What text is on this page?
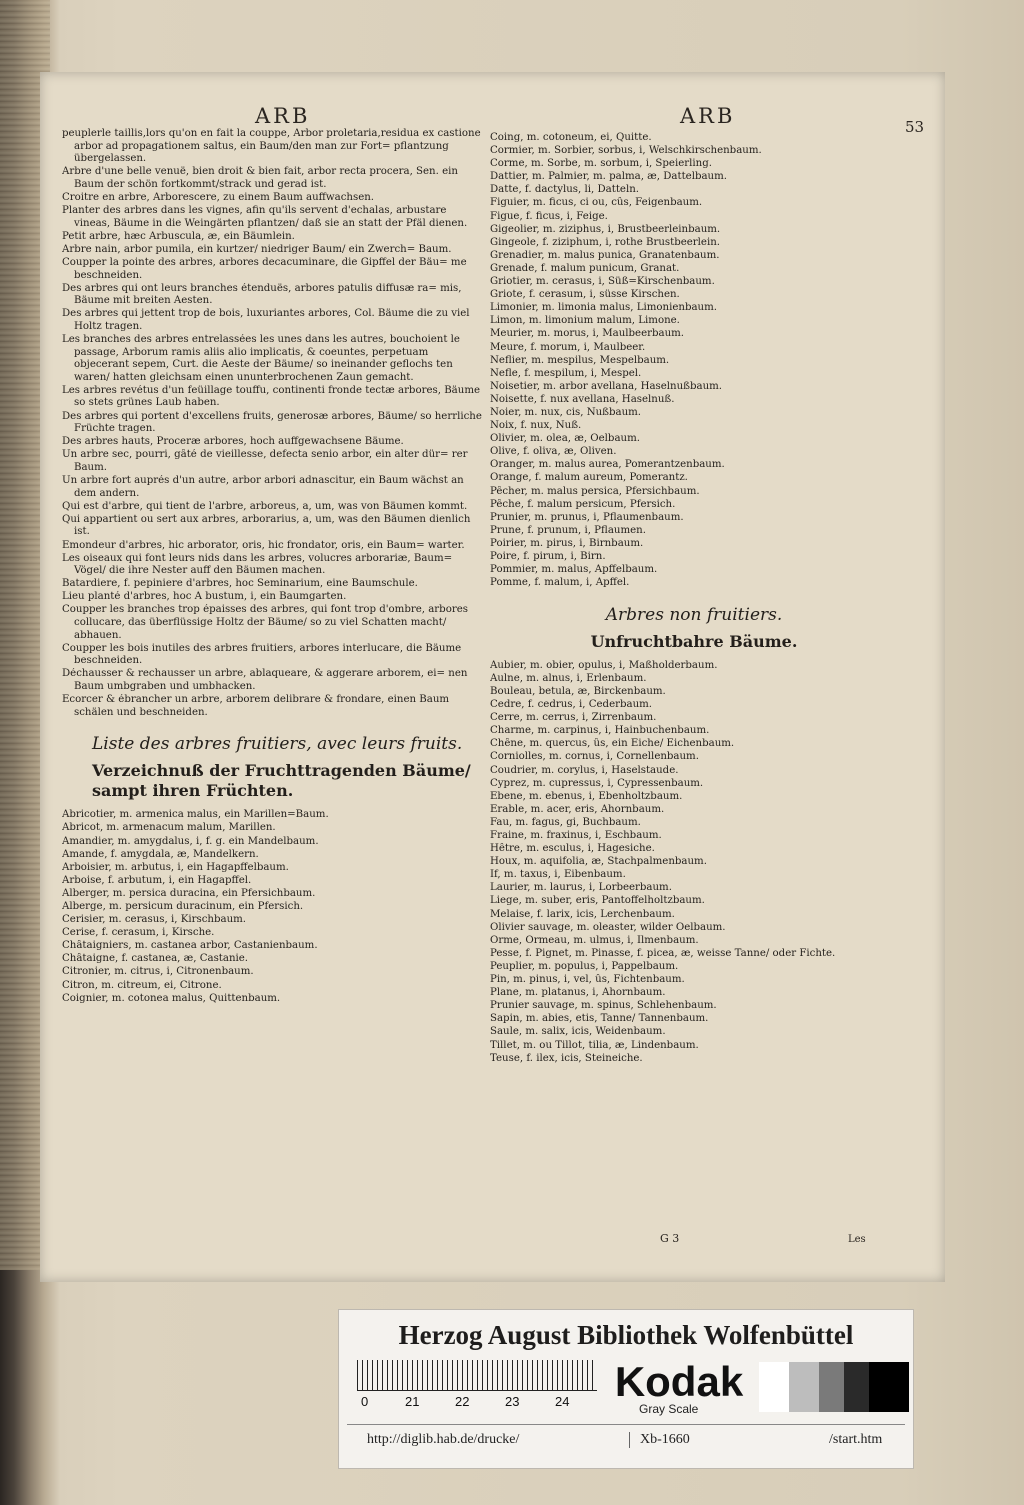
ARB	ARB	53
peuplerle taillis,lors qu'on en fait la couppe, Arbor proletaria,residua ex castione arbor ad propagationem saltus, ein Baum/den man zur Fort= pflantzung übergelassen.
Arbre d'une belle venuë, bien droit & bien fait, arbor recta procera, Sen. ein Baum der schön fortkommt/strack und gerad ist.
Croitre en arbre, Arborescere, zu einem Baum auffwachsen.
Planter des arbres dans les vignes, afin qu'ils servent d'echalas, arbustare vineas, Bäume in die Weingärten pflantzen/ daß sie an statt der Pfäl dienen.
Petit arbre, hæc Arbuscula, æ, ein Bäumlein.
Arbre nain, arbor pumila, ein kurtzer/ niedriger Baum/ ein Zwerch= Baum.
Coupper la pointe des arbres, arbores decacuminare, die Gipffel der Bäu= me beschneiden.
Des arbres qui ont leurs branches étenduës, arbores patulis diffusæ ra= mis, Bäume mit breiten Aesten.
Des arbres qui jettent trop de bois, luxuriantes arbores, Col. Bäume die zu viel Holtz tragen.
Les branches des arbres entrelassées les unes dans les autres, bouchoient le passage, Arborum ramis aliis alio implicatis, & coeuntes, perpetuam objecerant sepem, Curt. die Aeste der Bäume/ so ineinander geflochs ten waren/ hatten gleichsam einen ununterbrochenen Zaun gemacht.
Les arbres revétus d'un feüillage touffu, continenti fronde tectæ arbores, Bäume so stets grünes Laub haben.
Des arbres qui portent d'excellens fruits, generosæ arbores, Bäume/ so herrliche Früchte tragen.
Des arbres hauts, Proceræ arbores, hoch auffgewachsene Bäume.
Un arbre sec, pourri, gâté de vieillesse, defecta senio arbor, ein alter dür= rer Baum.
Un arbre fort auprés d'un autre, arbor arbori adnascitur, ein Baum wächst an dem andern.
Qui est d'arbre, qui tient de l'arbre, arboreus, a, um, was von Bäumen kommt.
Qui appartient ou sert aux arbres, arborarius, a, um, was den Bäumen dienlich ist.
Emondeur d'arbres, hic arborator, oris, hic frondator, oris, ein Baum= warter.
Les oiseaux qui font leurs nids dans les arbres, volucres arborariæ, Baum= Vögel/ die ihre Nester auff den Bäumen machen.
Batardiere, f. pepiniere d'arbres, hoc Seminarium, eine Baumschule.
Lieu planté d'arbres, hoc A bustum, i, ein Baumgarten.
Coupper les branches trop épaisses des arbres, qui font trop d'ombre, arbores collucare, das überflüssige Holtz der Bäume/ so zu viel Schatten macht/ abhauen.
Coupper les bois inutiles des arbres fruitiers, arbores interlucare, die Bäume beschneiden.
Déchausser & rechausser un arbre, ablaqueare, & aggerare arborem, ei= nen Baum umbgraben und umbhacken.
Ecorcer & ébrancher un arbre, arborem delibrare & frondare, einen Baum schälen und beschneiden.
Liste des arbres fruitiers, avec leurs fruits.
Verzeichnuß der Fruchttragenden Bäume/ sampt ihren Früchten.
Abricotier, m. armenica malus, ein Marillen=Baum.
Abricot, m. armenacum malum, Marillen.
Amandier, m. amygdalus, i, f. g. ein Mandelbaum.
Amande, f. amygdala, æ, Mandelkern.
Arboisier, m. arbutus, i, ein Hagapffelbaum.
Arboise, f. arbutum, i, ein Hagapffel.
Alberger, m. persica duracina, ein Pfersichbaum.
Alberge, m. persicum duracinum, ein Pfersich.
Cerisier, m. cerasus, i, Kirschbaum.
Cerise, f. cerasum, i, Kirsche.
Châtaigniers, m. castanea arbor, Castanienbaum.
Châtaigne, f. castanea, æ, Castanie.
Citronier, m. citrus, i, Citronenbaum.
Citron, m. citreum, ei, Citrone.
Coignier, m. cotonea malus, Quittenbaum.
Coing, m. cotoneum, ei, Quitte.
Cormier, m. Sorbier, sorbus, i, Welschkirschenbaum.
Corme, m. Sorbe, m. sorbum, i, Speierling.
Dattier, m. Palmier, m. palma, æ, Dattelbaum.
Datte, f. dactylus, li, Datteln.
Figuier, m. ficus, ci ou, cûs, Feigenbaum.
Figue, f. ficus, i, Feige.
Gigeolier, m. ziziphus, i, Brustbeerleinbaum.
Gingeole, f. ziziphum, i, rothe Brustbeerlein.
Grenadier, m. malus punica, Granatenbaum.
Grenade, f. malum punicum, Granat.
Griotier, m. cerasus, i, Süß=Kirschenbaum.
Griote, f. cerasum, i, süsse Kirschen.
Limonier, m. limonia malus, Limonienbaum.
Limon, m. limonium malum, Limone.
Meurier, m. morus, i, Maulbeerbaum.
Meure, f. morum, i, Maulbeer.
Neflier, m. mespilus, Mespelbaum.
Nefle, f. mespilum, i, Mespel.
Noisetier, m. arbor avellana, Haselnußbaum.
Noisette, f. nux avellana, Haselnuß.
Noier, m. nux, cis, Nußbaum.
Noix, f. nux, Nuß.
Olivier, m. olea, æ, Oelbaum.
Olive, f. oliva, æ, Oliven.
Oranger, m. malus aurea, Pomerantzenbaum.
Orange, f. malum aureum, Pomerantz.
Pêcher, m. malus persica, Pfersichbaum.
Pêche, f. malum persicum, Pfersich.
Prunier, m. prunus, i, Pflaumenbaum.
Prune, f. prunum, i, Pflaumen.
Poirier, m. pirus, i, Birnbaum.
Poire, f. pirum, i, Birn.
Pommier, m. malus, Apffelbaum.
Pomme, f. malum, i, Apffel.
Arbres non fruitiers.
Unfruchtbahre Bäume.
Aubier, m. obier, opulus, i, Maßholderbaum.
Aulne, m. alnus, i, Erlenbaum.
Bouleau, betula, æ, Birckenbaum.
Cedre, f. cedrus, i, Cederbaum.
Cerre, m. cerrus, i, Zirrenbaum.
Charme, m. carpinus, i, Hainbuchenbaum.
Chêne, m. quercus, ûs, ein Eiche/ Eichenbaum.
Corniolles, m. cornus, i, Cornellenbaum.
Coudrier, m. corylus, i, Haselstaude.
Cyprez, m. cupressus, i, Cypressenbaum.
Ebene, m. ebenus, i, Ebenholtzbaum.
Erable, m. acer, eris, Ahornbaum.
Fau, m. fagus, gi, Buchbaum.
Fraine, m. fraxinus, i, Eschbaum.
Hêtre, m. esculus, i, Hagesiche.
Houx, m. aquifolia, æ, Stachpalmenbaum.
If, m. taxus, i, Eibenbaum.
Laurier, m. laurus, i, Lorbeerbaum.
Liege, m. suber, eris, Pantoffelholtzbaum.
Melaise, f. larix, icis, Lerchenbaum.
Olivier sauvage, m. oleaster, wilder Oelbaum.
Orme, Ormeau, m. ulmus, i, Ilmenbaum.
Pesse, f. Pignet, m. Pinasse, f. picea, æ, weisse Tanne/ oder Fichte.
Peuplier, m. populus, i, Pappelbaum.
Pin, m. pinus, i, vel, ûs, Fichtenbaum.
Plane, m. platanus, i, Ahornbaum.
Prunier sauvage, m. spinus, Schlehenbaum.
Sapin, m. abies, etis, Tanne/ Tannenbaum.
Saule, m. salix, icis, Weidenbaum.
Tillet, m. ou Tillot, tilia, æ, Lindenbaum.
Teuse, f. ilex, icis, Steineiche.
G 3	Les
Herzog August Bibliothek Wolfenbüttel
0	21	22	23	24 Kodak
Gray Scale
http://diglib.hab.de/drucke/	Xb-1660	/start.htm
